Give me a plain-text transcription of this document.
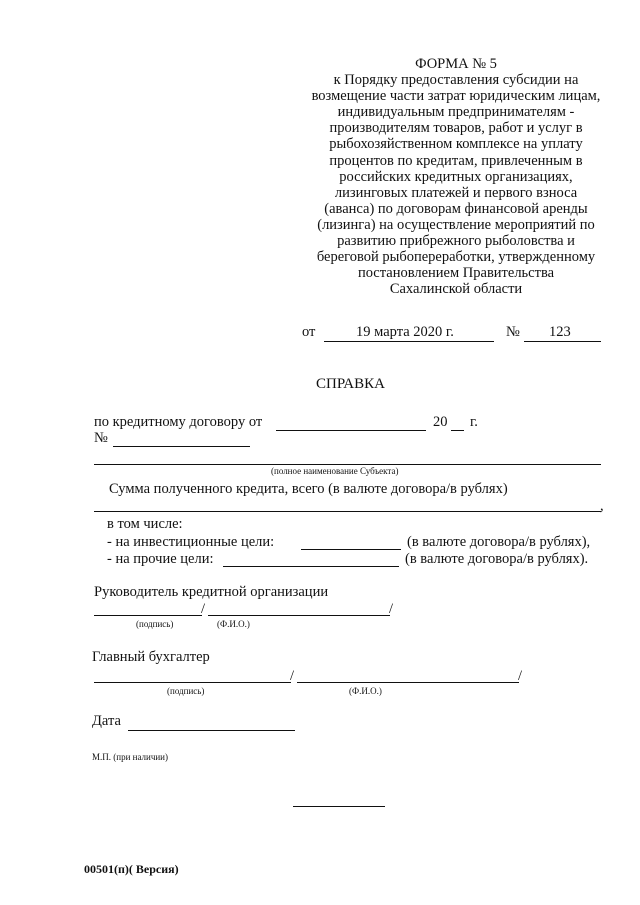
ФОРМА № 5
к Порядку предоставления субсидии на
возмещение части затрат юридическим лицам,
индивидуальным предпринимателям -
производителям товаров, работ и услуг в
рыбохозяйственном комплексе на уплату
процентов по кредитам, привлеченным в
российских кредитных организациях,
лизинговых платежей и первого взноса
(аванса) по договорам финансовой аренды
(лизинга) на осуществление мероприятий по
развитию прибрежного рыболовства и
береговой рыбопереработки, утвержденному
постановлением Правительства
Сахалинской области
от	19 марта 2020 г.	№ 123
СПРАВКА
по кредитному договору от	20 г.
№
(полное наименование Субъекта)
Сумма полученного кредита, всего (в валюте договора/в рублях)
,
в том числе:
- на инвестиционные цели:	(в валюте договора/в рублях),
- на прочие цели:	(в валюте договора/в рублях).
Руководитель кредитной организации
/	/
(подпись)	(Ф.И.О.)
Главный бухгалтер
/	/
(подпись)	(Ф.И.О.)
Дата
М.П. (при наличии)
00501(п)( Версия)
